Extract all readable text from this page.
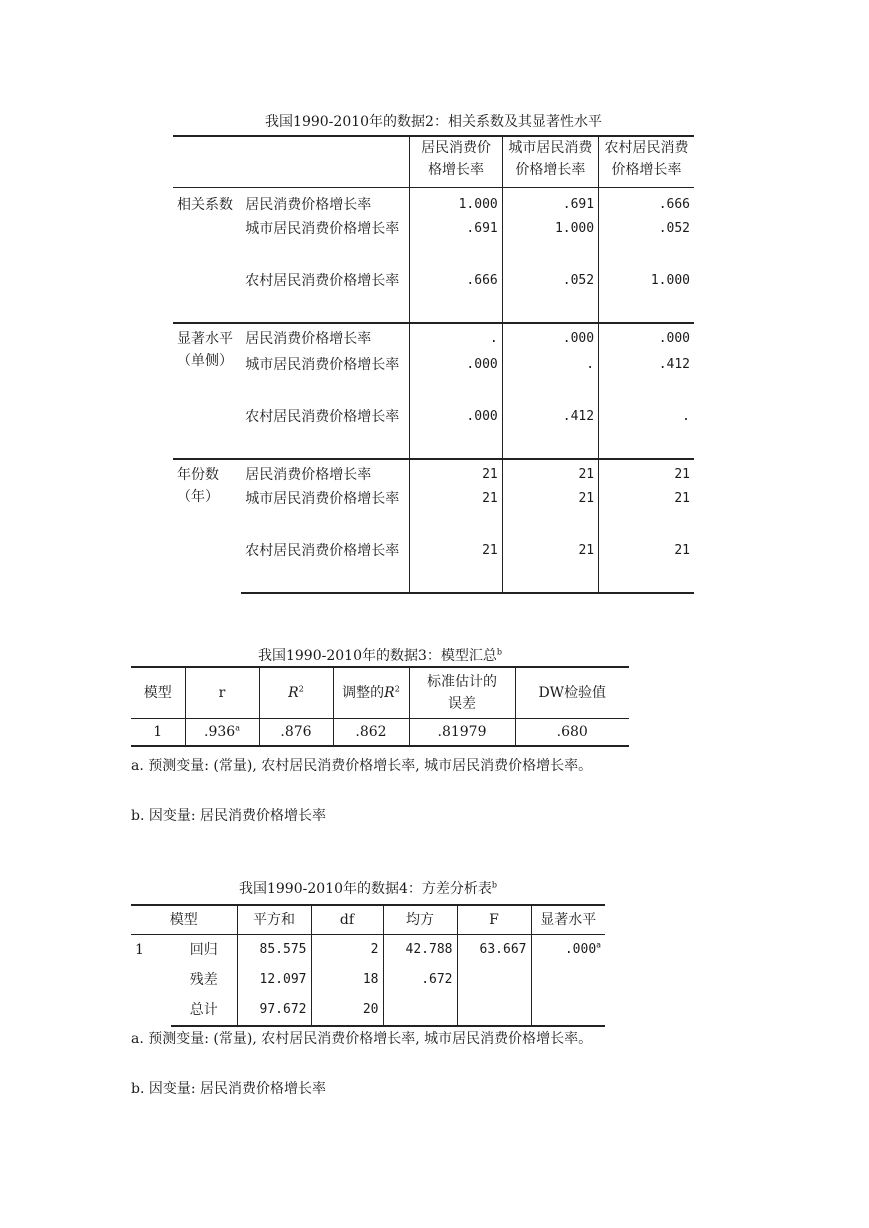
我国1990-2010年的数据2：相关系数及其显著性水平
		居民消费价格增长率	城市居民消费价格增长率	农村居民消费价格增长率
相关系数	居民消费价格增长率	1.000	.691	.666
	城市居民消费价格增长率	.691	1.000	.052
	农村居民消费价格增长率	.666	.052	1.000
显著水平（单侧）	居民消费价格增长率	.	.000	.000
	城市居民消费价格增长率	.000	.	.412
	农村居民消费价格增长率	.000	.412	.
年份数（年）	居民消费价格增长率	21	21	21
	城市居民消费价格增长率	21	21	21
	农村居民消费价格增长率	21	21	21
我国1990-2010年的数据3：模型汇总$^b$
模型	r	$R^2$	调整的$R^2$	标准估计的误差	DW检验值
1	.936$^a$	.876	.862	.81979	.680
a. 预测变量: (常量), 农村居民消费价格增长率, 城市居民消费价格增长率。
b. 因变量: 居民消费价格增长率
我国1990-2010年的数据4：方差分析表$^b$
模型		平方和	df	均方	F	显著水平
1	回归	85.575	2	42.788	63.667	.000$^a$
	残差	12.097	18	.672		
	总计	97.672	20			
a. 预测变量: (常量), 农村居民消费价格增长率, 城市居民消费价格增长率。
b. 因变量: 居民消费价格增长率
